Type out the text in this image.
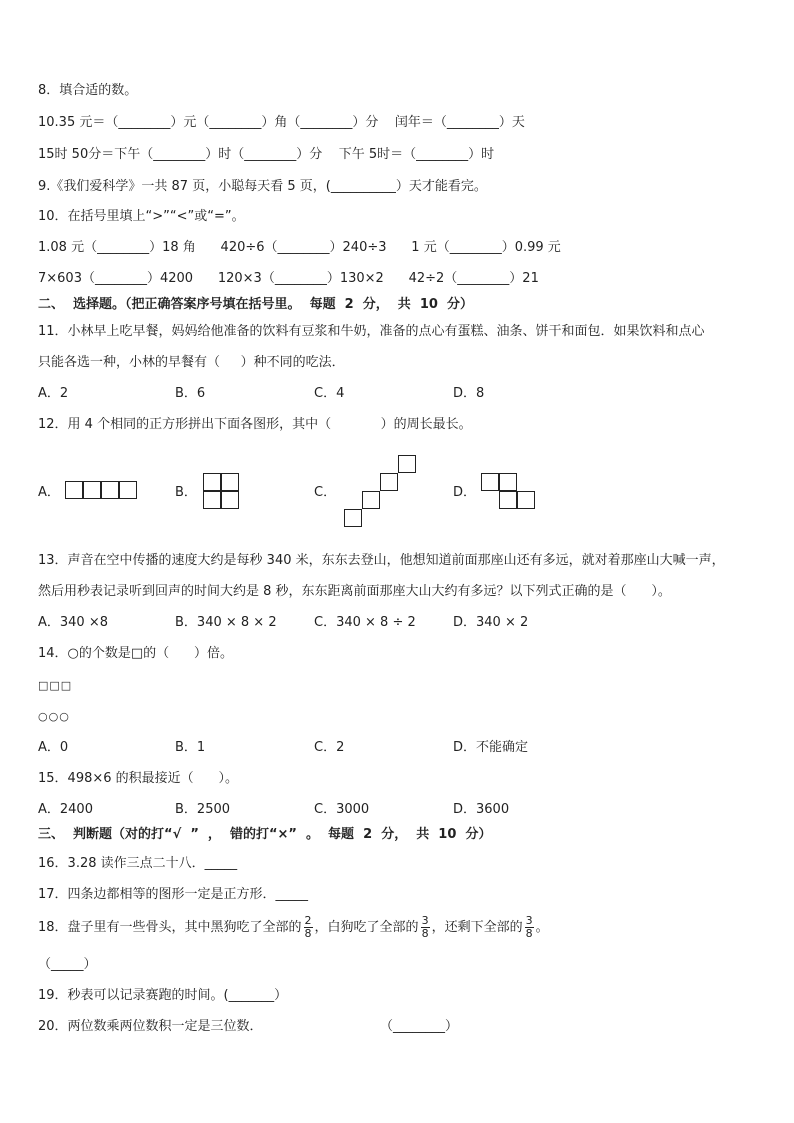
8．填合适的数。
10.35 元＝（________）元（________）角（________）分    闰年＝（________）天
15时 50分＝下午（________）时（________）分    下午 5时＝（________）时
9.《我们爱科学》一共 87 页，小聪每天看 5 页，(__________）天才能看完。
10．在括号里填上“>”“<”或“=”。
1.08 元（________）18 角      420÷6（________）240÷3      1 元（________）0.99 元
7×603（________）4200      120×3（________）130×2      42÷2（________）21
二、  选择题。（把正确答案序号填在括号里。  每题  2  分，  共  10  分）
11．小林早上吃早餐，妈妈给他准备的饮料有豆浆和牛奶，准备的点心有蛋糕、油条、饼干和面包．如果饮料和点心
只能各选一种，小林的早餐有（     ）种不同的吃法．
A．2	B．6	C．4	D．8
12．用 4 个相同的正方形拼出下面各图形，其中（            ）的周长最长。
A．	B．	C．	D．
13．声音在空中传播的速度大约是每秒 340 米，东东去登山，他想知道前面那座山还有多远，就对着那座山大喊一声，
然后用秒表记录听到回声的时间大约是 8 秒，东东距离前面那座大山大约有多远？以下列式正确的是（      ）。
A．340 ×8	B．340 × 8 × 2	C．340 × 8 ÷ 2	D．340 × 2
14．○的个数是□的（      ）倍。
□□□
○○○
A．0	B．1	C．2	D．不能确定
15．498×6 的积最接近（      ）。
A．2400	B．2500	C．3000	D．3600
三、  判断题（对的打“√  ”  ，  错的打“×”  。  每题  2  分，  共  10  分）
16．3.28 读作三点二十八．_____
17．四条边都相等的图形一定是正方形．_____
18．盘子里有一些骨头，其中黑狗吃了全部的 $\frac{2}{8}$ ，白狗吃了全部的 $\frac{3}{8}$ ，还剩下全部的 $\frac{3}{8}$ 。
（_____）
19．秒表可以记录赛跑的时间。(_______）
20．两位数乘两位数积一定是三位数．	（________）
